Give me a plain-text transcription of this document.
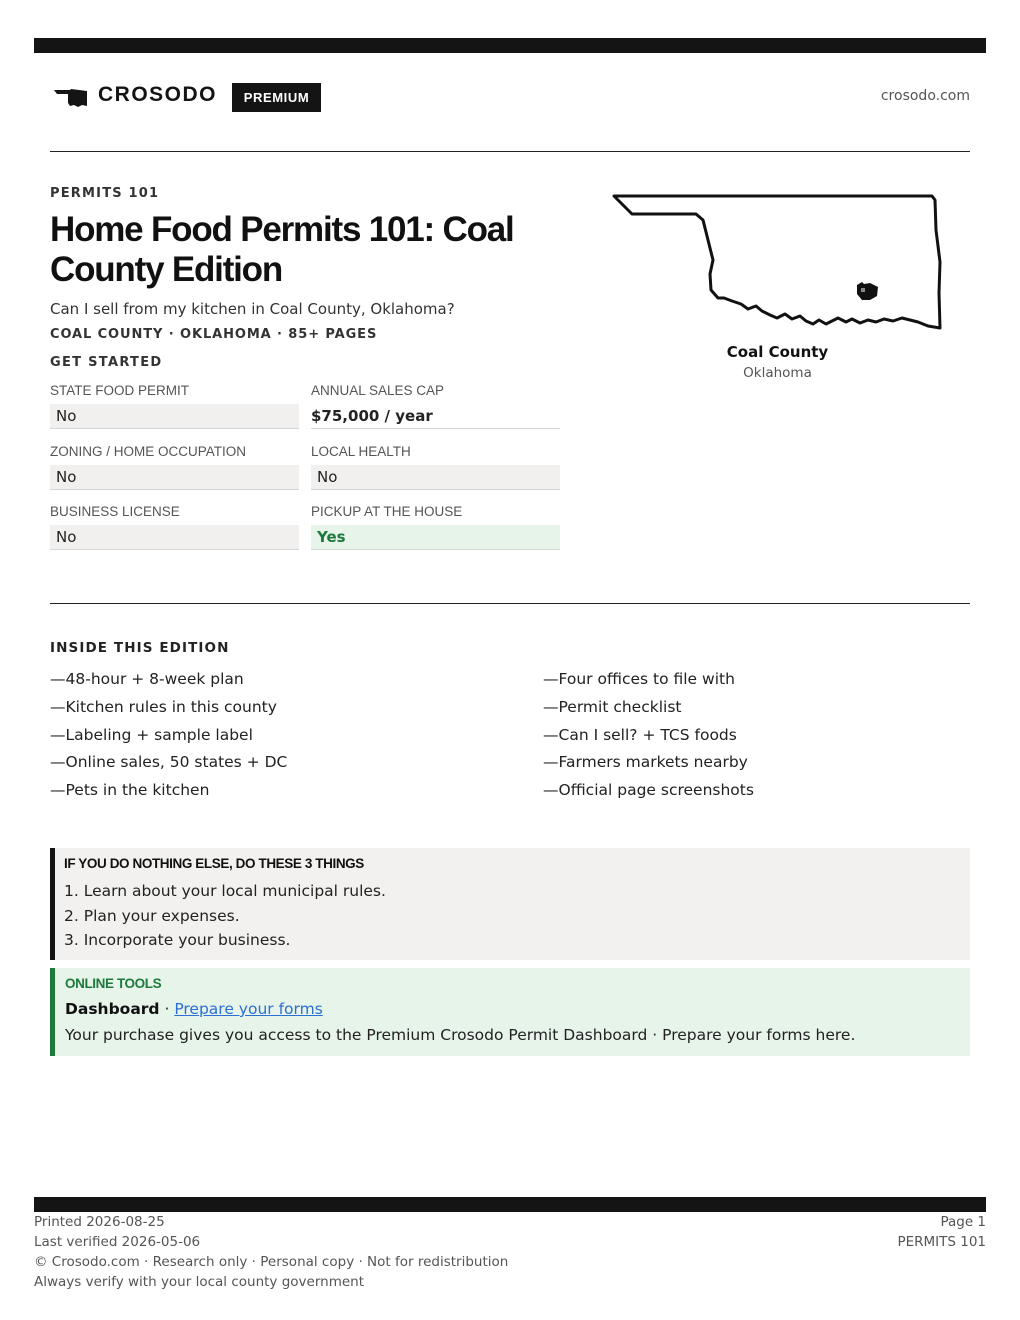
CROSODO	PREMIUM	crosodo.com
PERMITS 101
Home Food Permits 101: Coal County Edition
Can I sell from my kitchen in Coal County, Oklahoma?
COAL COUNTY · OKLAHOMA · 85+ PAGES
GET STARTED
STATE FOOD PERMIT
No
ANNUAL SALES CAP
$75,000 / year
ZONING / HOME OCCUPATION
No
LOCAL HEALTH
No
BUSINESS LICENSE
No
PICKUP AT THE HOUSE
Yes
Coal County
Oklahoma
INSIDE THIS EDITION
—48-hour + 8-week plan
—Kitchen rules in this county
—Labeling + sample label
—Online sales, 50 states + DC
—Pets in the kitchen
—Four offices to file with
—Permit checklist
—Can I sell? + TCS foods
—Farmers markets nearby
—Official page screenshots
IF YOU DO NOTHING ELSE, DO THESE 3 THINGS
1. Learn about your local municipal rules.
2. Plan your expenses.
3. Incorporate your business.
ONLINE TOOLS
Dashboard · Prepare your forms
Your purchase gives you access to the Premium Crosodo Permit Dashboard · Prepare your forms here.
Printed 2026-08-25
Last verified 2026-05-06
© Crosodo.com · Research only · Personal copy · Not for redistribution
Always verify with your local county government
Page 1
PERMITS 101
